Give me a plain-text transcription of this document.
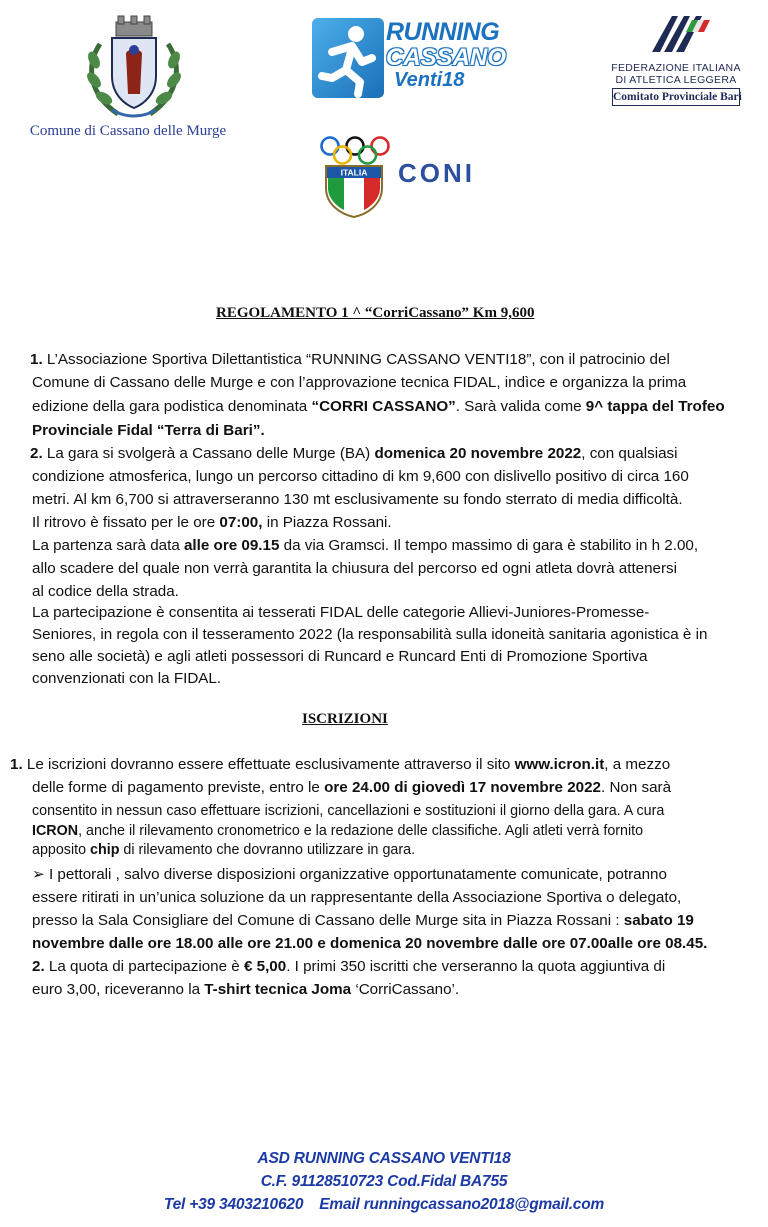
Comune di Cassano delle Murge
RUNNING
CASSANO
Venti18
FEDERAZIONE ITALIANA
DI ATLETICA LEGGERA
Comitato Provinciale Bari
ITALIA CONI
REGOLAMENTO 1 ^ “CorriCassano” Km 9,600
1. L’Associazione Sportiva Dilettantistica “RUNNING CASSANO VENTI18”, con il patrocinio del
Comune di Cassano delle Murge e con l’approvazione tecnica FIDAL, indìce e organizza la prima
edizione della gara podistica denominata “CORRI CASSANO”. Sarà valida come 9^ tappa del Trofeo
Provinciale Fidal “Terra di Bari”.
2. La gara si svolgerà a Cassano delle Murge (BA) domenica 20 novembre 2022, con qualsiasi
condizione atmosferica, lungo un percorso cittadino di km 9,600 con dislivello positivo di circa 160
metri. Al km 6,700 si attraverseranno 130 mt esclusivamente su fondo sterrato di media difficoltà.
Il ritrovo è fissato per le ore 07:00, in Piazza Rossani.
La partenza sarà data alle ore 09.15 da via Gramsci. Il tempo massimo di gara è stabilito in h 2.00,
allo scadere del quale non verrà garantita la chiusura del percorso ed ogni atleta dovrà attenersi
al codice della strada.
La partecipazione è consentita ai tesserati FIDAL delle categorie Allievi-Juniores-Promesse-
Seniores, in regola con il tesseramento 2022 (la responsabilità sulla idoneità sanitaria agonistica è in
seno alle società) e agli atleti possessori di Runcard e Runcard Enti di Promozione Sportiva
convenzionati con la FIDAL.
ISCRIZIONI
1. Le iscrizioni dovranno essere effettuate esclusivamente attraverso il sito www.icron.it, a mezzo
delle forme di pagamento previste, entro le ore 24.00 di giovedì 17 novembre 2022. Non sarà
consentito in nessun caso effettuare iscrizioni, cancellazioni e sostituzioni il giorno della gara. A cura
ICRON, anche il rilevamento cronometrico e la redazione delle classifiche. Agli atleti verrà fornito
apposito chip di rilevamento che dovranno utilizzare in gara.
➢ I pettorali , salvo diverse disposizioni organizzative opportunatamente comunicate, potranno
essere ritirati in un’unica soluzione da un rappresentante della Associazione Sportiva o delegato,
presso la Sala Consigliare del Comune di Cassano delle Murge sita in Piazza Rossani : sabato 19
novembre dalle ore 18.00 alle ore 21.00 e domenica 20 novembre dalle ore 07.00alle ore 08.45.
2. La quota di partecipazione è € 5,00. I primi 350 iscritti che verseranno la quota aggiuntiva di
euro 3,00, riceveranno la T-shirt tecnica Joma ‘CorriCassano’.
ASD RUNNING CASSANO VENTI18
C.F. 91128510723 Cod.Fidal BA755
Tel +39 3403210620 Email runningcassano2018@gmail.com
